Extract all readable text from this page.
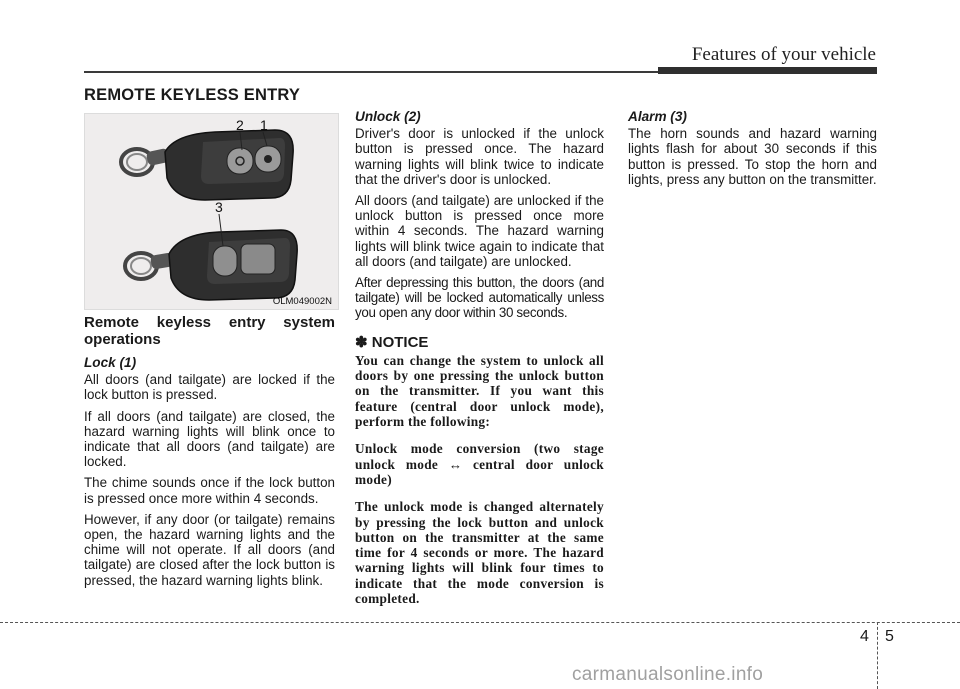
Features of your vehicle
REMOTE KEYLESS ENTRY
2 1
3
OLM049002N
Remote keyless entry system operations
Lock (1)

All doors (and tailgate) are locked if the lock button is pressed.

If all doors (and tailgate) are closed, the hazard warning lights will blink once to indicate that all doors (and tailgate) are locked.

The chime sounds once if the lock button is pressed once more within 4 seconds.

However, if any door (or tailgate) remains open, the hazard warning lights and the chime will not operate. If all doors (and tailgate) are closed after the lock button is pressed, the hazard warning lights blink.

Unlock (2)

Driver's door is unlocked if the unlock button is pressed once. The hazard warning lights will blink twice to indicate that the driver's door is unlocked.

All doors (and tailgate) are unlocked if the unlock button is pressed once more within 4 seconds. The hazard warning lights will blink twice again to indicate that all doors (and tailgate) are unlocked.

After depressing this button, the doors (and tailgate) will be locked automatically unless you open any door within 30 seconds.

✽ NOTICE

You can change the system to unlock all doors by one pressing the unlock button on the transmitter. If you want this feature (central door unlock mode), perform the following:

Unlock mode conversion (two stage unlock mode ↔ central door unlock mode)

The unlock mode is changed alternately by pressing the lock button and unlock button on the transmitter at the same time for 4 seconds or more. The hazard warning lights will blink four times to indicate that the mode conversion is completed.

Alarm (3)

The horn sounds and hazard warning lights flash for about 30 seconds if this button is pressed. To stop the horn and lights, press any button on the transmitter.

4 5
carmanualsonline.info
